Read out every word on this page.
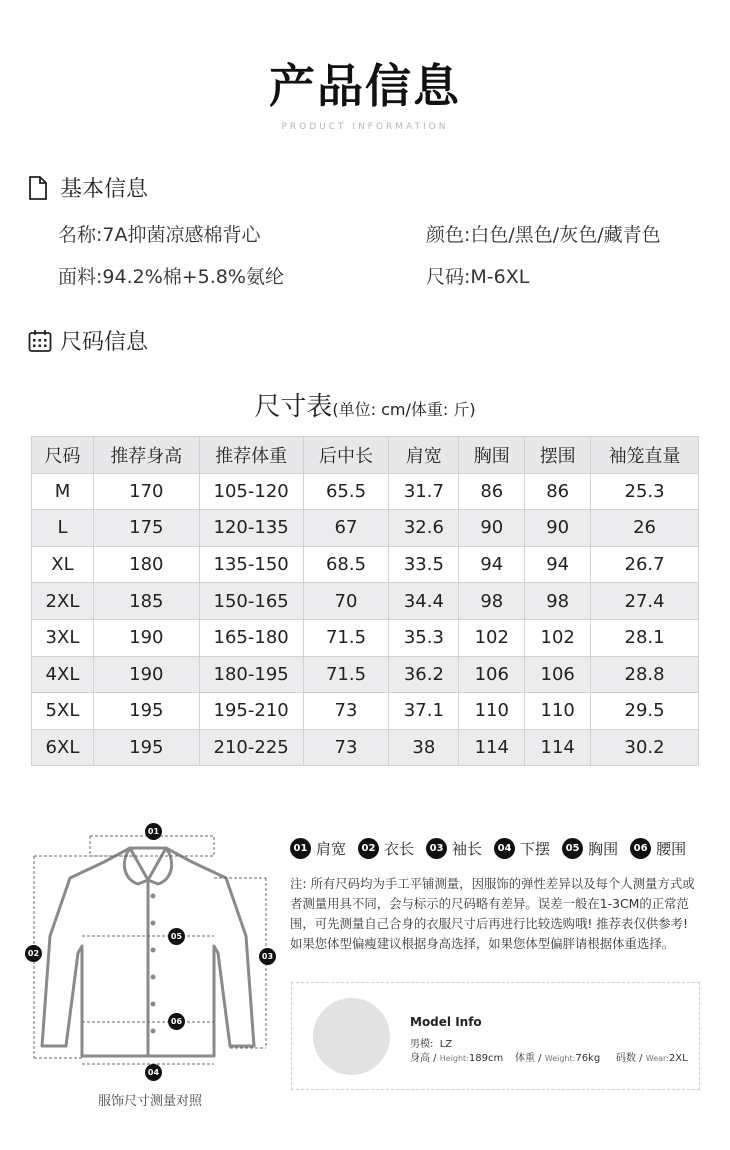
产品信息
PRODUCT INFORMATION
基本信息
名称:7A抑菌凉感棉背心	颜色:白色/黑色/灰色/藏青色
面料:94.2%棉+5.8%氨纶	尺码:M-6XL
尺码信息
尺寸表(单位: cm/体重: 斤)
尺码	推荐身高	推荐体重	后中长	肩宽	胸围	摆围	袖笼直量
M	170	105-120	65.5	31.7	86	86	25.3
L	175	120-135	67	32.6	90	90	26
XL	180	135-150	68.5	33.5	94	94	26.7
2XL	185	150-165	70	34.4	98	98	27.4
3XL	190	165-180	71.5	35.3	102	102	28.1
4XL	190	180-195	71.5	36.2	106	106	28.8
5XL	195	195-210	73	37.1	110	110	29.5
6XL	195	210-225	73	38	114	114	30.2
01
02	03
04
05
06
服饰尺寸测量对照
01 肩宽	02 衣长	03 袖长	04 下摆	05 胸围	06 腰围
注: 所有尺码均为手工平铺测量，因服饰的弹性差异以及每个人测量方式或者测量用具不同，会与标示的尺码略有差异。误差一般在1-3CM的正常范围，可先测量自己合身的衣服尺寸后再进行比较选购哦! 推荐表仅供参考! 如果您体型偏瘦建议根据身高选择，如果您体型偏胖请根据体重选择。
Model Info
男模: LZ
身高 / Height:189cm 体重 / Weight:76kg 码数 / Wear:2XL
